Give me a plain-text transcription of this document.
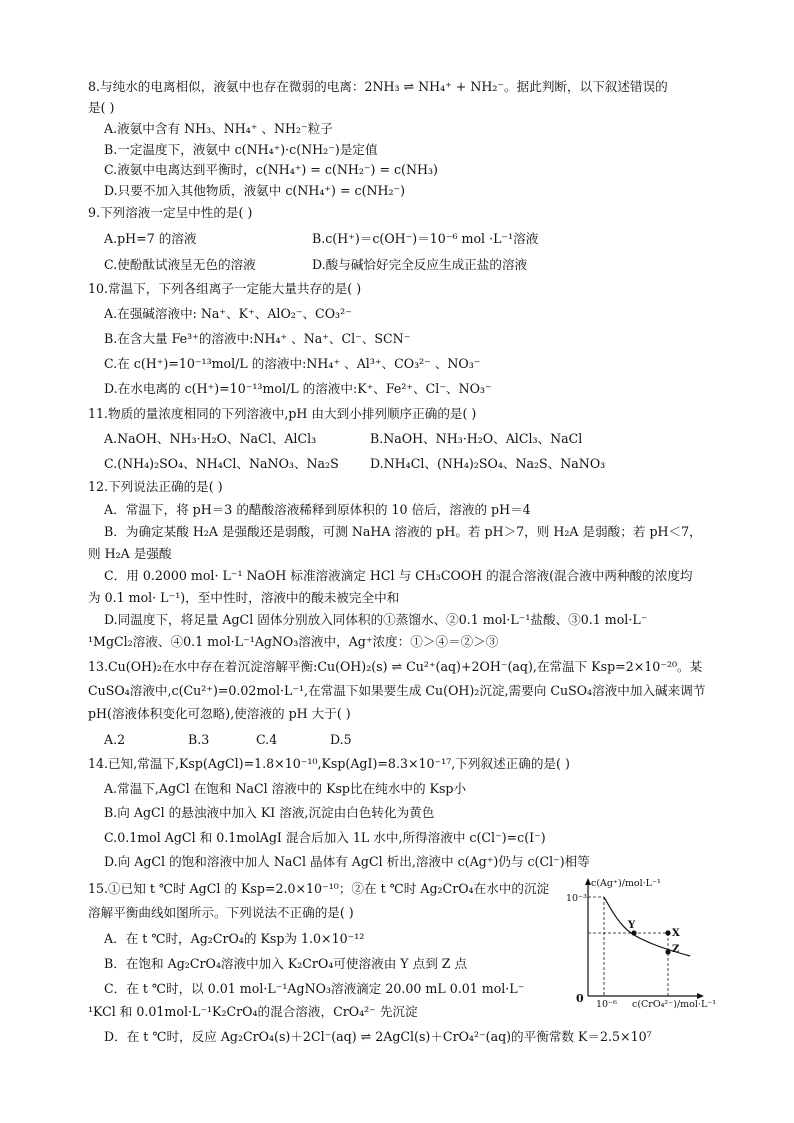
8.与纯水的电离相似，液氨中也存在微弱的电离：2NH₃ ⇌ NH₄⁺ + NH₂⁻。据此判断，以下叙述错误的
是( )
A.液氨中含有 NH₃、NH₄⁺ 、NH₂⁻粒子
B.一定温度下，液氨中 c(NH₄⁺)·c(NH₂⁻)是定值
C.液氨中电离达到平衡时，c(NH₄⁺) = c(NH₂⁻) = c(NH₃)
D.只要不加入其他物质，液氨中 c(NH₄⁺) = c(NH₂⁻)
9.下列溶液一定呈中性的是( )
A.pH=7 的溶液	B.c(H⁺)＝c(OH⁻)＝10⁻⁶ mol ·L⁻¹溶液
C.使酚酞试液呈无色的溶液	D.酸与碱恰好完全反应生成正盐的溶液
10.常温下，下列各组离子一定能大量共存的是( )
A.在强碱溶液中: Na⁺、K⁺、AlO₂⁻、CO₃²⁻
B.在含大量 Fe³⁺的溶液中:NH₄⁺ 、Na⁺、Cl⁻、SCN⁻
C.在 c(H⁺)=10⁻¹³mol/L 的溶液中:NH₄⁺ 、Al³⁺、CO₃²⁻ 、NO₃⁻
D.在水电离的 c(H⁺)=10⁻¹³mol/L 的溶液中:K⁺、Fe²⁺、Cl⁻、NO₃⁻
11.物质的量浓度相同的下列溶液中,pH 由大到小排列顺序正确的是( )
A.NaOH、NH₃·H₂O、NaCl、AlCl₃	B.NaOH、NH₃·H₂O、AlCl₃、NaCl
C.(NH₄)₂SO₄、NH₄Cl、NaNO₃、Na₂S D.NH₄Cl、(NH₄)₂SO₄、Na₂S、NaNO₃
12.下列说法正确的是( )
A．常温下，将 pH＝3 的醋酸溶液稀释到原体积的 10 倍后，溶液的 pH＝4
B．为确定某酸 H₂A 是强酸还是弱酸，可测 NaHA 溶液的 pH。若 pH＞7，则 H₂A 是弱酸；若 pH＜7，
则 H₂A 是强酸
C．用 0.2000 mol· L⁻¹ NaOH 标准溶液滴定 HCl 与 CH₃COOH 的混合溶液(混合液中两种酸的浓度均
为 0.1 mol· L⁻¹)，至中性时，溶液中的酸未被完全中和
D.同温度下，将足量 AgCl 固体分别放入同体积的①蒸馏水、②0.1 mol·L⁻¹盐酸、③0.1 mol·L⁻
¹MgCl₂溶液、④0.1 mol·L⁻¹AgNO₃溶液中，Ag⁺浓度：①＞④＝②＞③
13.Cu(OH)₂在水中存在着沉淀溶解平衡:Cu(OH)₂(s) ⇌ Cu²⁺(aq)+2OH⁻(aq),在常温下 Ksp=2×10⁻²⁰。某
CuSO₄溶液中,c(Cu²⁺)=0.02mol·L⁻¹,在常温下如果要生成 Cu(OH)₂沉淀,需要向 CuSO₄溶液中加入碱来调节
pH(溶液体积变化可忽略),使溶液的 pH 大于( )
A.2	B.3	C.4	D.5
14.已知,常温下,Ksp(AgCl)=1.8×10⁻¹⁰,Ksp(AgI)=8.3×10⁻¹⁷,下列叙述正确的是( )
A.常温下,AgCl 在饱和 NaCl 溶液中的 Ksp比在纯水中的 Ksp小
B.向 AgCl 的悬浊液中加入 KI 溶液,沉淀由白色转化为黄色
C.0.1mol AgCl 和 0.1molAgI 混合后加入 1L 水中,所得溶液中 c(Cl⁻)=c(I⁻)
D.向 AgCl 的饱和溶液中加人 NaCl 晶体有 AgCl 析出,溶液中 c(Ag⁺)仍与 c(Cl⁻)相等
15.①已知 t ℃时 AgCl 的 Ksp=2.0×10⁻¹⁰；②在 t ℃时 Ag₂CrO₄在水中的沉淀
溶解平衡曲线如图所示。下列说法不正确的是( )
A．在 t ℃时，Ag₂CrO₄的 Ksp为 1.0×10⁻¹²
B．在饱和 Ag₂CrO₄溶液中加入 K₂CrO₄可使溶液由 Y 点到 Z 点
C．在 t ℃时，以 0.01 mol·L⁻¹AgNO₃溶液滴定 20.00 mL 0.01 mol·L⁻
¹KCl 和 0.01mol·L⁻¹K₂CrO₄的混合溶液，CrO₄²⁻ 先沉淀
D．在 t ℃时，反应 Ag₂CrO₄(s)＋2Cl⁻(aq) ⇌ 2AgCl(s)＋CrO₄²⁻(aq)的平衡常数 K＝2.5×10⁷
c(Ag⁺)/mol·L⁻¹
10⁻³
10⁻⁶ c(CrO₄²⁻)/mol·L⁻¹
0
Y
X
Z
